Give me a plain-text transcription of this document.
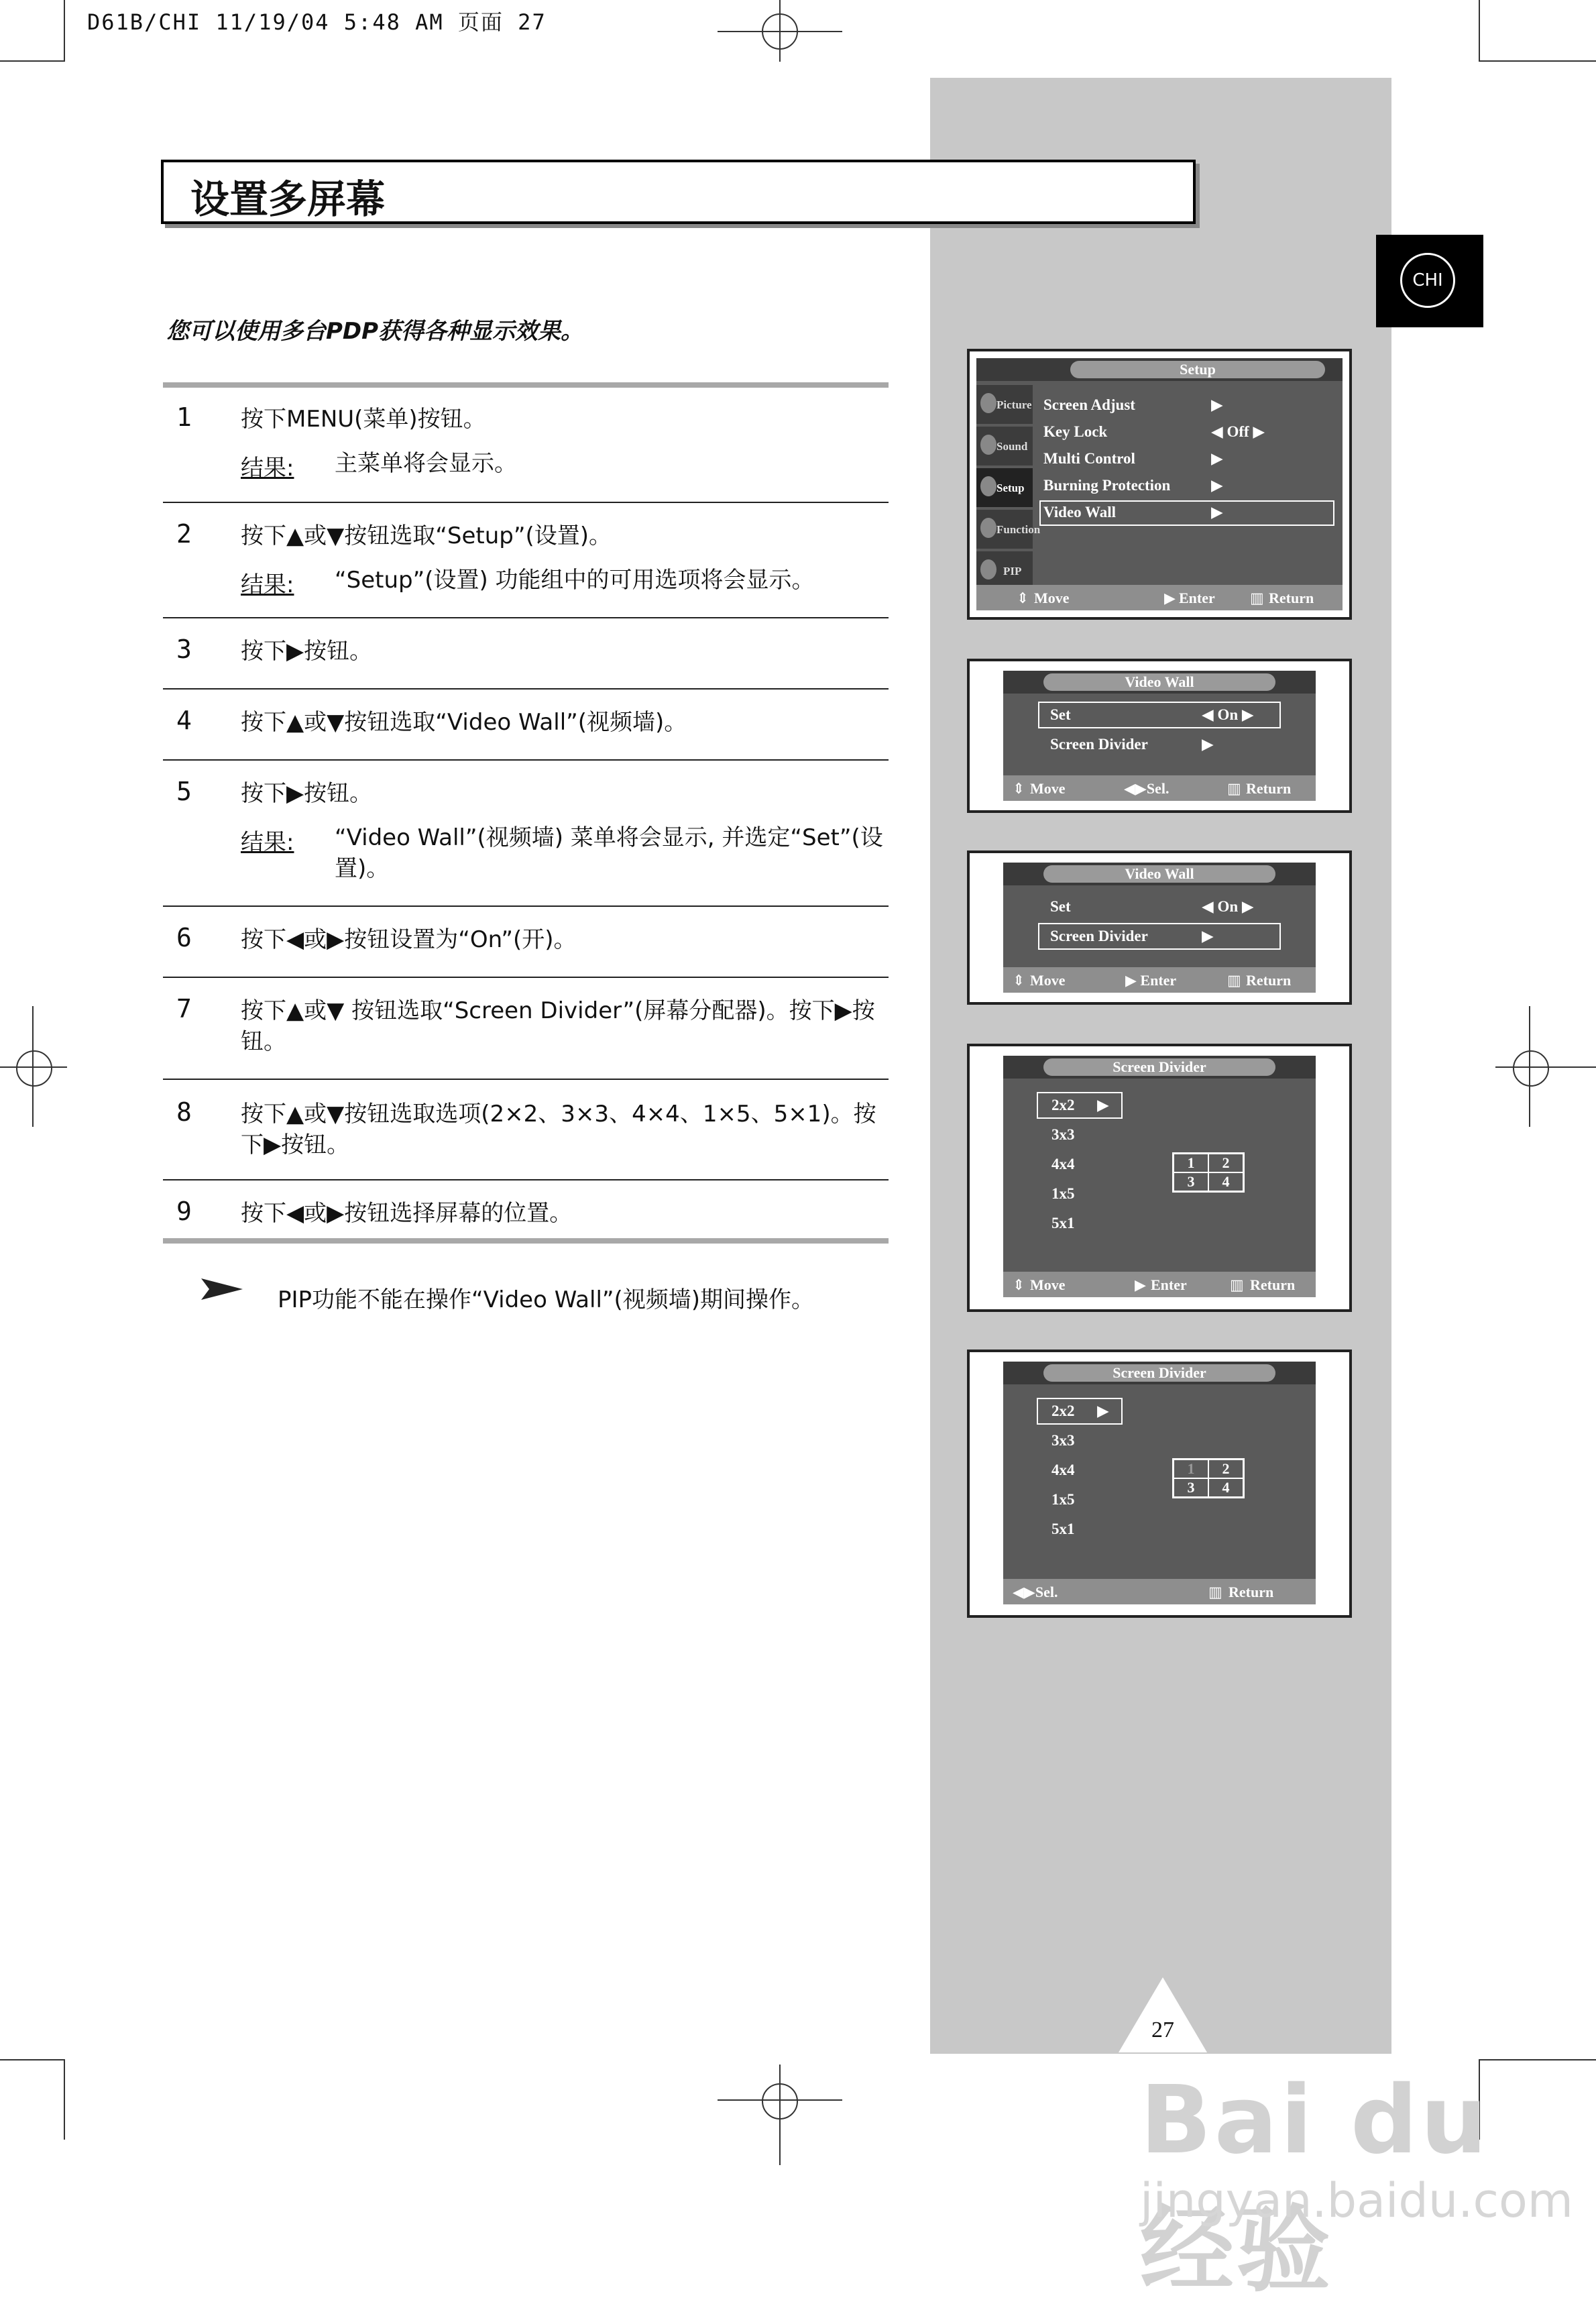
D61B/CHI 11/19/04 5:48 AM 页面 27
CHI
设置多屏幕
您可以使用多台PDP获得各种显示效果。
1 按下MENU(菜单)按钮。
结果: 主菜单将会显示。
2 按下▲或▼按钮选取“Setup”(设置)。
结果: “Setup”(设置) 功能组中的可用选项将会显示。
3 按下▶按钮。
4 按下▲或▼按钮选取“Video Wall”(视频墙)。
5 按下▶按钮。
结果: “Video Wall”(视频墙) 菜单将会显示, 并选定“Set”(设置)。
6 按下◀或▶按钮设置为“On”(开)。
7 按下▲或▼ 按钮选取“Screen Divider”(屏幕分配器)。按下▶按钮。
8 按下▲或▼按钮选取选项(2×2、3×3、4×4、1×5、5×1)。按下▶按钮。
9 按下◀或▶按钮选择屏幕的位置。
PIP功能不能在操作“Video Wall”(视频墙)期间操作。
Setup
Picture
Sound
Setup
Function
PIP
Screen Adjust	▶
Key Lock	◀ Off ▶
Multi Control	▶
Burning Protection	▶
Video Wall	▶
⇕ Move	▶ Enter ▥ Return
Video Wall
Set	◀ On ▶
Screen Divider	▶
⇕ Move	◀▶Sel.	▥ Return
Video Wall
Set	◀ On ▶
Screen Divider	▶
⇕ Move	▶ Enter	▥ Return
Screen Divider
2x2 ▶
3x3
4x4
1x5
5x1
1	2
3	4
⇕ Move	▶ Enter	▥ Return
Screen Divider
2x2 ▶
3x3
4x4
1x5
5x1
1	2
3	4
◀▶Sel.	▥ Return
27
Bai du 经验
jingyan.baidu.com
